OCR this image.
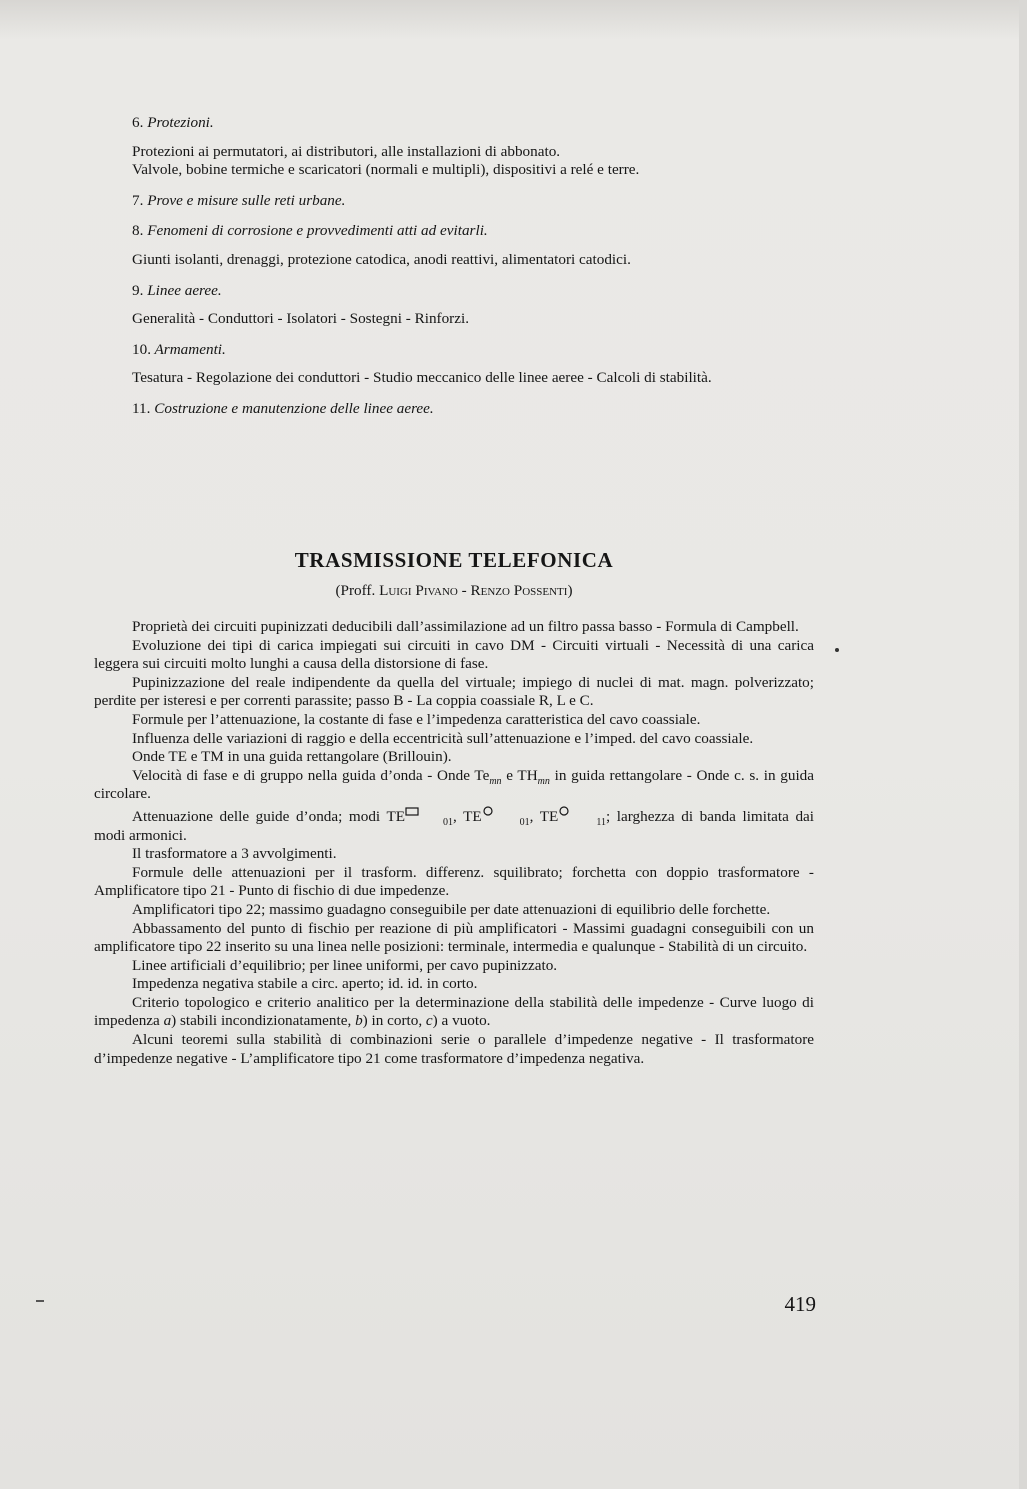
6. Protezioni.

Protezioni ai permutatori, ai distributori, alle installazioni di abbonato.

Valvole, bobine termiche e scaricatori (normali e multipli), dispositivi a relé e terre.

7. Prove e misure sulle reti urbane.

8. Fenomeni di corrosione e provvedimenti atti ad evitarli.

Giunti isolanti, drenaggi, protezione catodica, anodi reattivi, alimentatori catodici.

9. Linee aeree.

Generalità - Conduttori - Isolatori - Sostegni - Rinforzi.

10. Armamenti.

Tesatura - Regolazione dei conduttori - Studio meccanico delle linee aeree - Calcoli di stabilità.

11. Costruzione e manutenzione delle linee aeree.

TRASMISSIONE TELEFONICA

(Proff. Luigi Pivano - Renzo Possenti)

Proprietà dei circuiti pupinizzati deducibili dall’assimilazione ad un filtro passa basso - Formula di Campbell.

Evoluzione dei tipi di carica impiegati sui circuiti in cavo DM - Circuiti virtuali - Necessità di una carica leggera sui circuiti molto lunghi a causa della distorsione di fase.

Pupinizzazione del reale indipendente da quella del virtuale; impiego di nuclei di mat. magn. polverizzato; perdite per isteresi e per correnti parassite; passo B - La coppia coassiale R, L e C.

Formule per l’attenuazione, la costante di fase e l’impedenza caratteristica del cavo coassiale.

Influenza delle variazioni di raggio e della eccentricità sull’attenuazione e l’imped. del cavo coassiale.

Onde TE e TM in una guida rettangolare (Brillouin).

Velocità di fase e di gruppo nella guida d’onda - Onde $Te_{mn}$ e $TH_{mn}$ in guida rettangolare - Onde c. s. in guida circolare.

Attenuazione delle guide d’onda; modi TE	01, TE	01, TE	11; larghezza di banda limitata dai modi armonici.

Il trasformatore a 3 avvolgimenti.

Formule delle attenuazioni per il trasform. differenz. squilibrato; forchetta con doppio trasformatore - Amplificatore tipo 21 - Punto di fischio di due impedenze.

Amplificatori tipo 22; massimo guadagno conseguibile per date attenuazioni di equilibrio delle forchette.

Abbassamento del punto di fischio per reazione di più amplificatori - Massimi guadagni conseguibili con un amplificatore tipo 22 inserito su una linea nelle posizioni: terminale, intermedia e qualunque - Stabilità di un circuito.

Linee artificiali d’equilibrio; per linee uniformi, per cavo pupinizzato.

Impedenza negativa stabile a circ. aperto; id. id. in corto.

Criterio topologico e criterio analitico per la determinazione della stabilità delle impedenze - Curve luogo di impedenza a) stabili incondizionatamente, b) in corto, c) a vuoto.

Alcuni teoremi sulla stabilità di combinazioni serie o parallele d’impedenze negative - Il trasformatore d’impedenze negative - L’amplificatore tipo 21 come trasformatore d’impedenza negativa.

419
